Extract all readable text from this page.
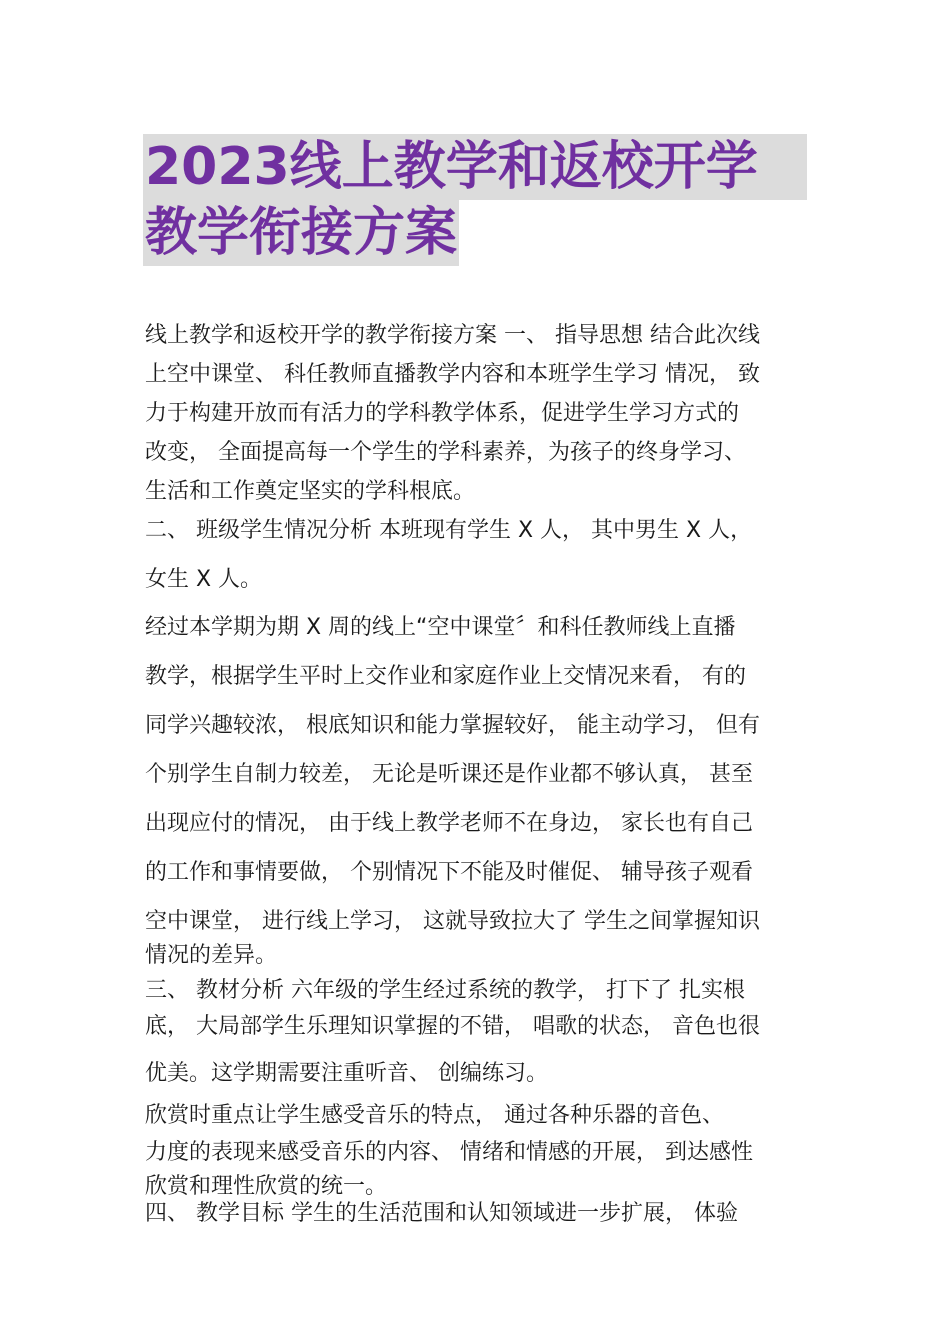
2023线上教学和返校开学
教学衔接方案
线上教学和返校开学的教学衔接方案 一、 指导思想 结合此次线
上空中课堂、 科任教师直播教学内容和本班学生学习 情况， 致
力于构建开放而有活力的学科教学体系，促进学生学习方式的
改变， 全面提高每一个学生的学科素养，为孩子的终身学习、
生活和工作奠定坚实的学科根底。
二、 班级学生情况分析 本班现有学生 X 人， 其中男生 X 人，
女生 X 人。
经过本学期为期 X 周的线上“空中课堂〞和科任教师线上直播
教学，根据学生平时上交作业和家庭作业上交情况来看， 有的
同学兴趣较浓， 根底知识和能力掌握较好， 能主动学习， 但有
个别学生自制力较差， 无论是听课还是作业都不够认真， 甚至
出现应付的情况， 由于线上教学老师不在身边， 家长也有自己
的工作和事情要做， 个别情况下不能及时催促、 辅导孩子观看
空中课堂， 进行线上学习， 这就导致拉大了 学生之间掌握知识
情况的差异。
三、 教材分析 六年级的学生经过系统的教学， 打下了 扎实根
底， 大局部学生乐理知识掌握的不错， 唱歌的状态， 音色也很
优美。这学期需要注重听音、 创编练习。
欣赏时重点让学生感受音乐的特点， 通过各种乐器的音色、
力度的表现来感受音乐的内容、 情绪和情感的开展， 到达感性
欣赏和理性欣赏的统一。
四、 教学目标 学生的生活范围和认知领域进一步扩展， 体验
